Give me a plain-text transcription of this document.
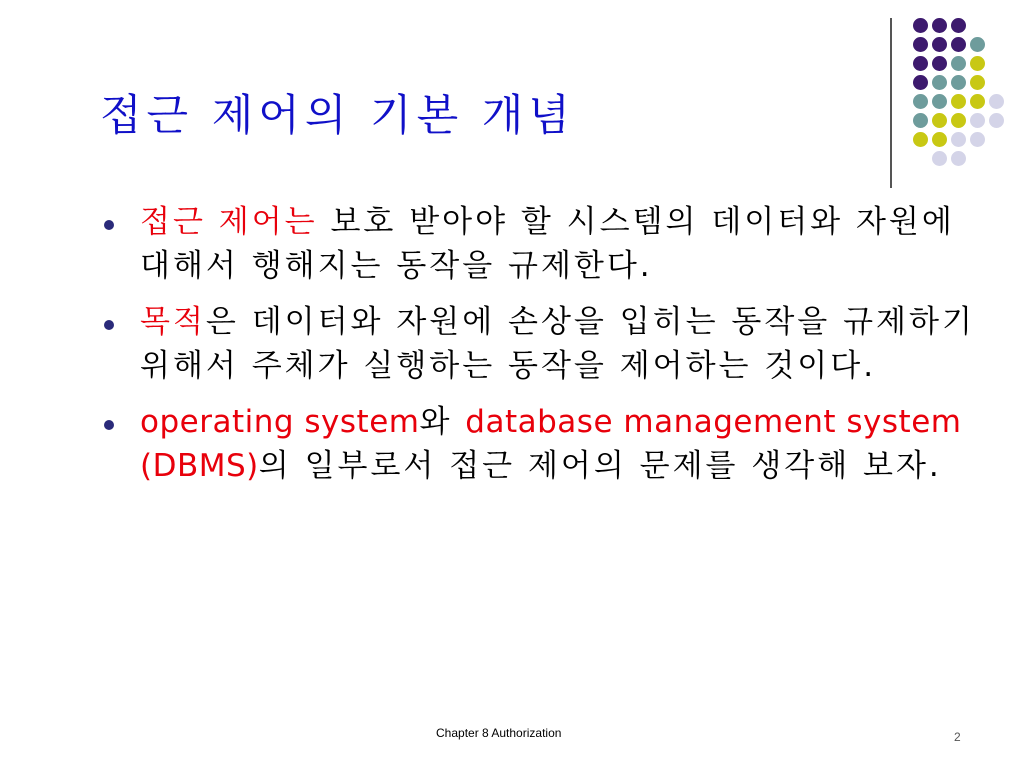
접근 제어의 기본 개념
접근 제어는 보호 받아야 할 시스템의 데이터와 자원에 대해서 행해지는 동작을 규제한다.
목적은 데이터와 자원에 손상을 입히는 동작을 규제하기 위해서 주체가 실행하는 동작을 제어하는 것이다.
operating system와 database management system (DBMS)의 일부로서 접근 제어의 문제를 생각해 보자.
Chapter 8 Authorization	2
